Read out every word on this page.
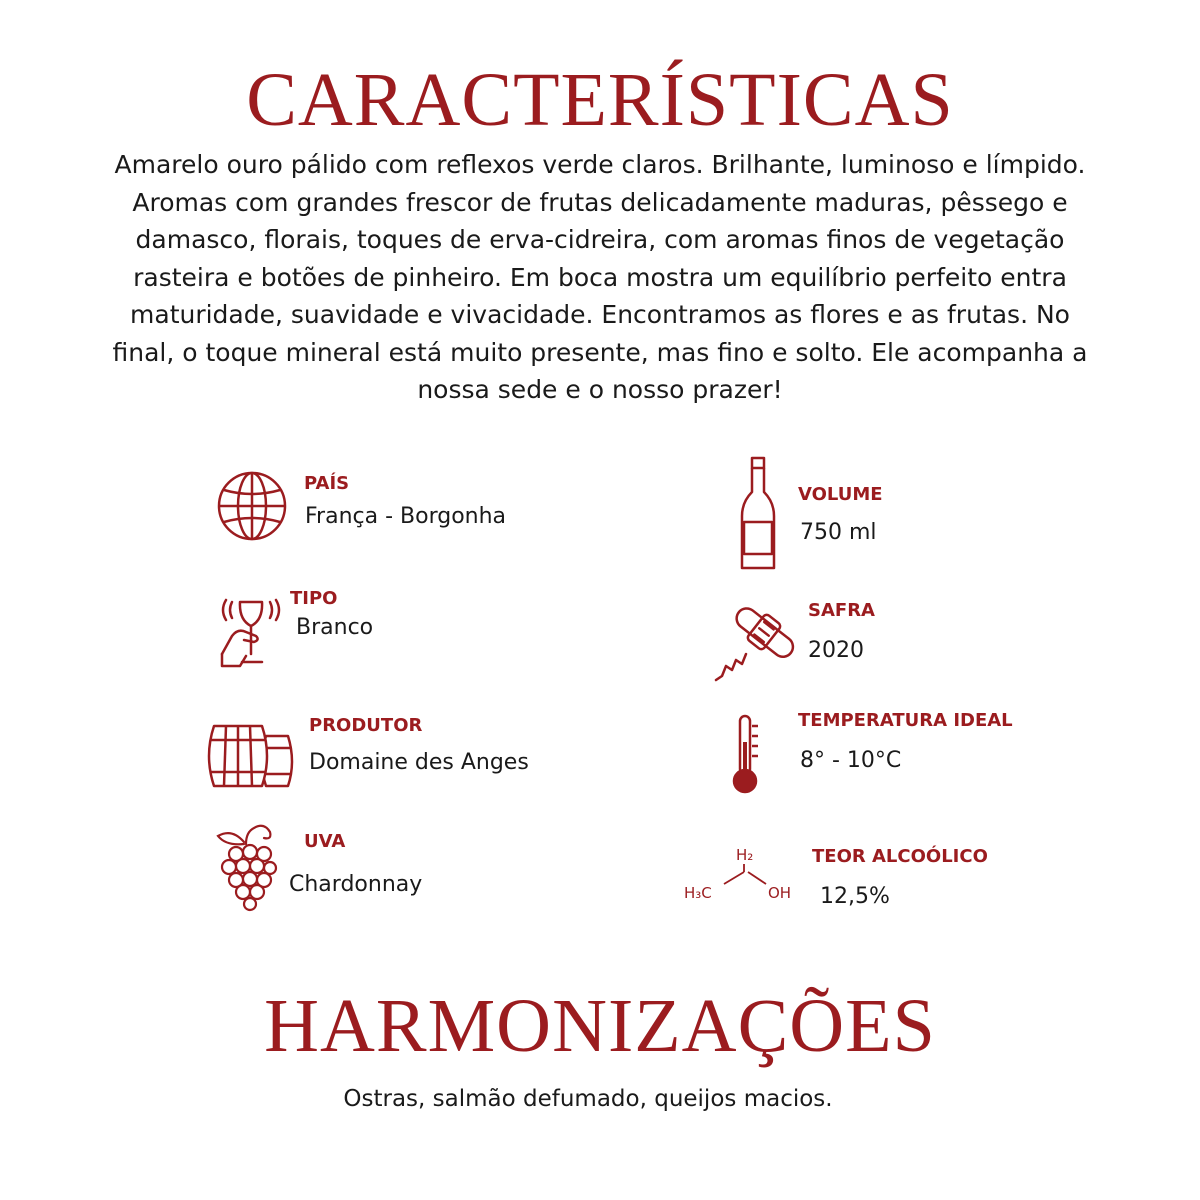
CARACTERÍSTICAS
Amarelo ouro pálido com reflexos verde claros. Brilhante, luminoso e límpido. Aromas com grandes frescor de frutas delicadamente maduras, pêssego e damasco, florais, toques de erva-cidreira, com aromas finos de vegetação rasteira e botões de pinheiro. Em boca mostra um equilíbrio perfeito entra maturidade, suavidade e vivacidade. Encontramos as flores e as frutas. No final, o toque mineral está muito presente, mas fino e solto. Ele acompanha a nossa sede e o nosso prazer!
PAÍS
França - Borgonha
TIPO
Branco
PRODUTOR
Domaine des Anges
UVA
Chardonnay
VOLUME
750 ml
SAFRA
2020
TEMPERATURA IDEAL
8° - 10°C
H₂
H₃C	OH
TEOR ALCOÓLICO
12,5%
HARMONIZAÇÕES
Ostras, salmão defumado, queijos macios.
